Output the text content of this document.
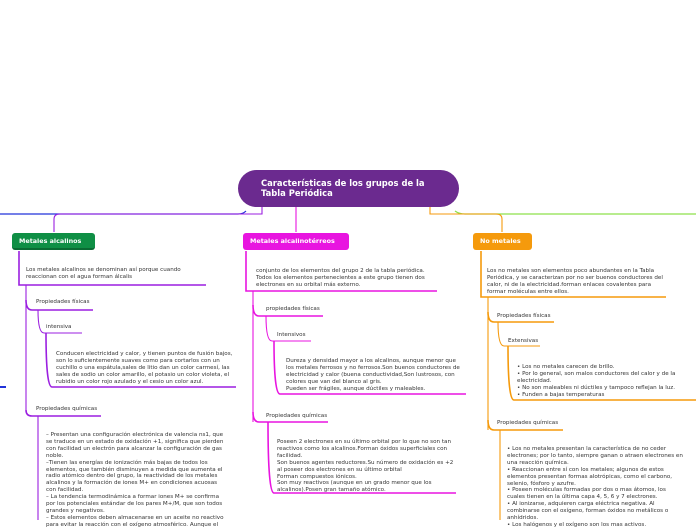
Características de los grupos de la
Tabla Periódica
Metales alcalinos	Metales alcalinotérreos	No metales
Los metales alcalinos se denominan así porque cuando
reaccionan con el agua forman álcalis
Propiedades físicas
intensiva
Conducen electricidad y calor, y tienen puntos de fusión bajos,
son lo suficientemente suaves como para cortarlos con un
cuchillo o una espátula,sales de litio dan un color carmesí, las
sales de sodio un color amarillo, el potasio un color violeta, el
rubidio un color rojo azulado y el cesio un color azul.
Propiedades químicas
– Presentan una configuración electrónica de valencia ns1, que
se traduce en un estado de oxidación +1, significa que pierden
con facilidad un electrón para alcanzar la configuración de gas
noble.
–Tienen las energías de ionización más bajas de todos los
elementos, que también disminuyen a medida que aumenta el
radio atómico dentro del grupo, la reactividad de los metales
alcalinos y la formación de iones M+ en condiciones acuosas
con facilidad.
– La tendencia termodinámica a formar iones M+ se confirma
por los potenciales estándar de los pares M+/M, que son todos
grandes y negativos.
– Estos elementos deben almacenarse en un aceite no reactivo
para evitar la reacción con el oxígeno atmosférico. Aunque el
conjunto de los elementos del grupo 2 de la tabla periódica.
Todos los elementos pertenecientes a este grupo tienen dos
electrones en su orbital más externo.
propiedades físicas
Intensivos
Dureza y densidad mayor a los alcalinos, aunque menor que
los metales ferrosos y no ferrosos.Son buenos conductores de
electricidad y calor (buena conductividad,Son lustrosos, con
colores que van del blanco al gris.
Pueden ser frágiles, aunque dúctiles y maleables.
Propiedades químicas
Poseen 2 electrones en su último orbital por lo que no son tan
reactivos como los alcalinos.Forman óxidos superficiales con
facilidad.
Son buenos agentes reductores.Su número de oxidación es +2
al poseer dos electrones en su último orbital
Forman compuestos iónicos.
Son muy reactivos (aunque en un grado menor que los
alcalinos).Posen gran tamaño atómico.
Los no metales son elementos poco abundantes en la Tabla
Periódica, y se caracterizan por no ser buenos conductores del
calor, ni de la electricidad.forman enlaces covalentes para
formar moléculas entre ellos.
Propiedades físicas
Extensivas
• Los no metales carecen de brillo.
• Por lo general, son malos conductores del calor y de la
electricidad.
• No son maleables ni dúctiles y tampoco reflejan la luz.
• Funden a bajas temperaturas
Propiedades químicas
• Los no metales presentan la característica de no ceder
electrones; por lo tanto, siempre ganan o atraen electrones en
una reacción química.
• Reaccionan entre sí con los metales; algunos de estos
elementos presentan formas alotrópicas, como el carbono,
selenio, fósforo y azufre.
• Poseen moléculas formadas por dos o mas átomos, los
cuales tienen en la última capa 4, 5, 6 y 7 electrones.
• Al ionizarse, adquieren carga eléctrica negativa. Al
combinarse con el oxígeno, forman óxidos no metálicos o
anhídridos.
• Los halógenos y el oxígeno son los mas activos.
